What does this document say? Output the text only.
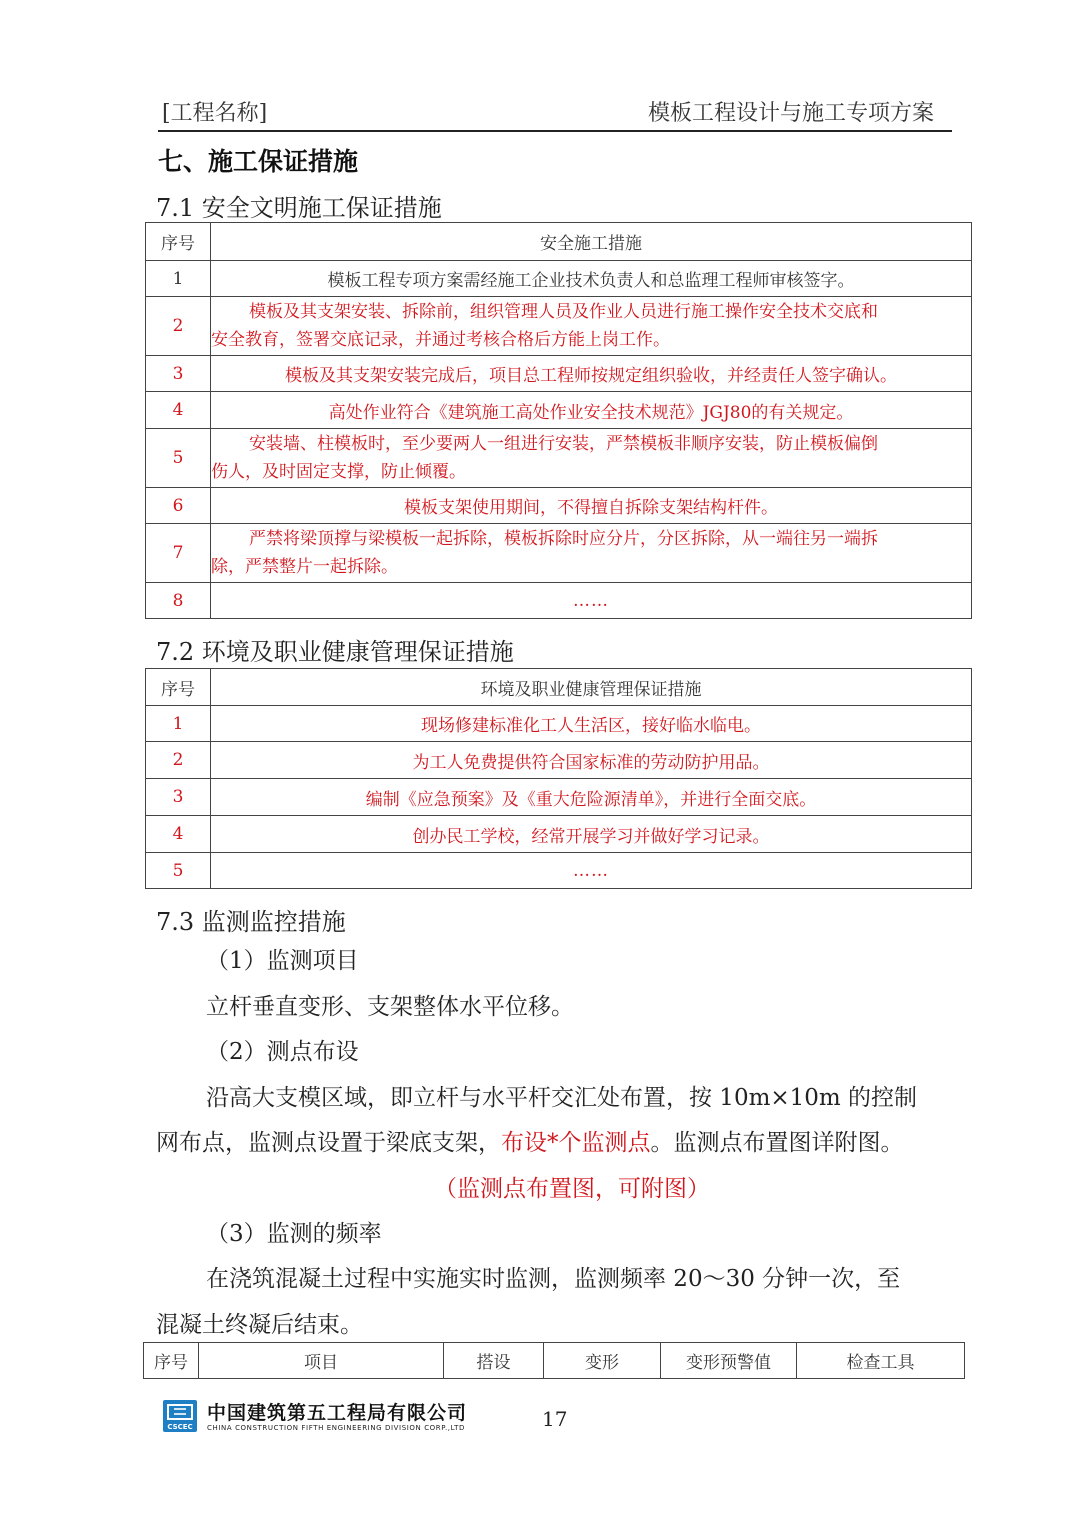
[工程名称]	模板工程设计与施工专项方案
七、施工保证措施
7.1 安全文明施工保证措施
序号	安全施工措施
1	模板工程专项方案需经施工企业技术负责人和总监理工程师审核签字。
2	模板及其支架安装、拆除前，组织管理人员及作业人员进行施工操作安全技术交底和
安全教育，签署交底记录，并通过考核合格后方能上岗工作。

3	模板及其支架安装完成后，项目总工程师按规定组织验收，并经责任人签字确认。
4	高处作业符合《建筑施工高处作业安全技术规范》JGJ80的有关规定。
5	安装墙、柱模板时，至少要两人一组进行安装，严禁模板非顺序安装，防止模板偏倒
伤人，及时固定支撑，防止倾覆。

6	模板支架使用期间，不得擅自拆除支架结构杆件。
7	严禁将梁顶撑与梁模板一起拆除，模板拆除时应分片，分区拆除，从一端往另一端拆
除，严禁整片一起拆除。

8	……
7.2 环境及职业健康管理保证措施
序号	环境及职业健康管理保证措施
1	现场修建标准化工人生活区，接好临水临电。
2	为工人免费提供符合国家标准的劳动防护用品。
3	编制《应急预案》及《重大危险源清单》，并进行全面交底。
4	创办民工学校，经常开展学习并做好学习记录。
5	……
7.3 监测监控措施
（1）监测项目
立杆垂直变形、支架整体水平位移。
（2）测点布设
沿高大支模区域，即立杆与水平杆交汇处布置，按 10m×10m 的控制
网布点，监测点设置于梁底支架，布设*个监测点。监测点布置图详附图。
（监测点布置图，可附图）
（3）监测的频率
在浇筑混凝土过程中实施实时监测，监测频率 20～30 分钟一次，至
混凝土终凝后结束。
序号	项目	搭设	变形	变形预警值	检查工具
CSCEC
中国建筑第五工程局有限公司
CHINA CONSTRUCTION FIFTH ENGINEERING DIVISION CORP.,LTD	17
